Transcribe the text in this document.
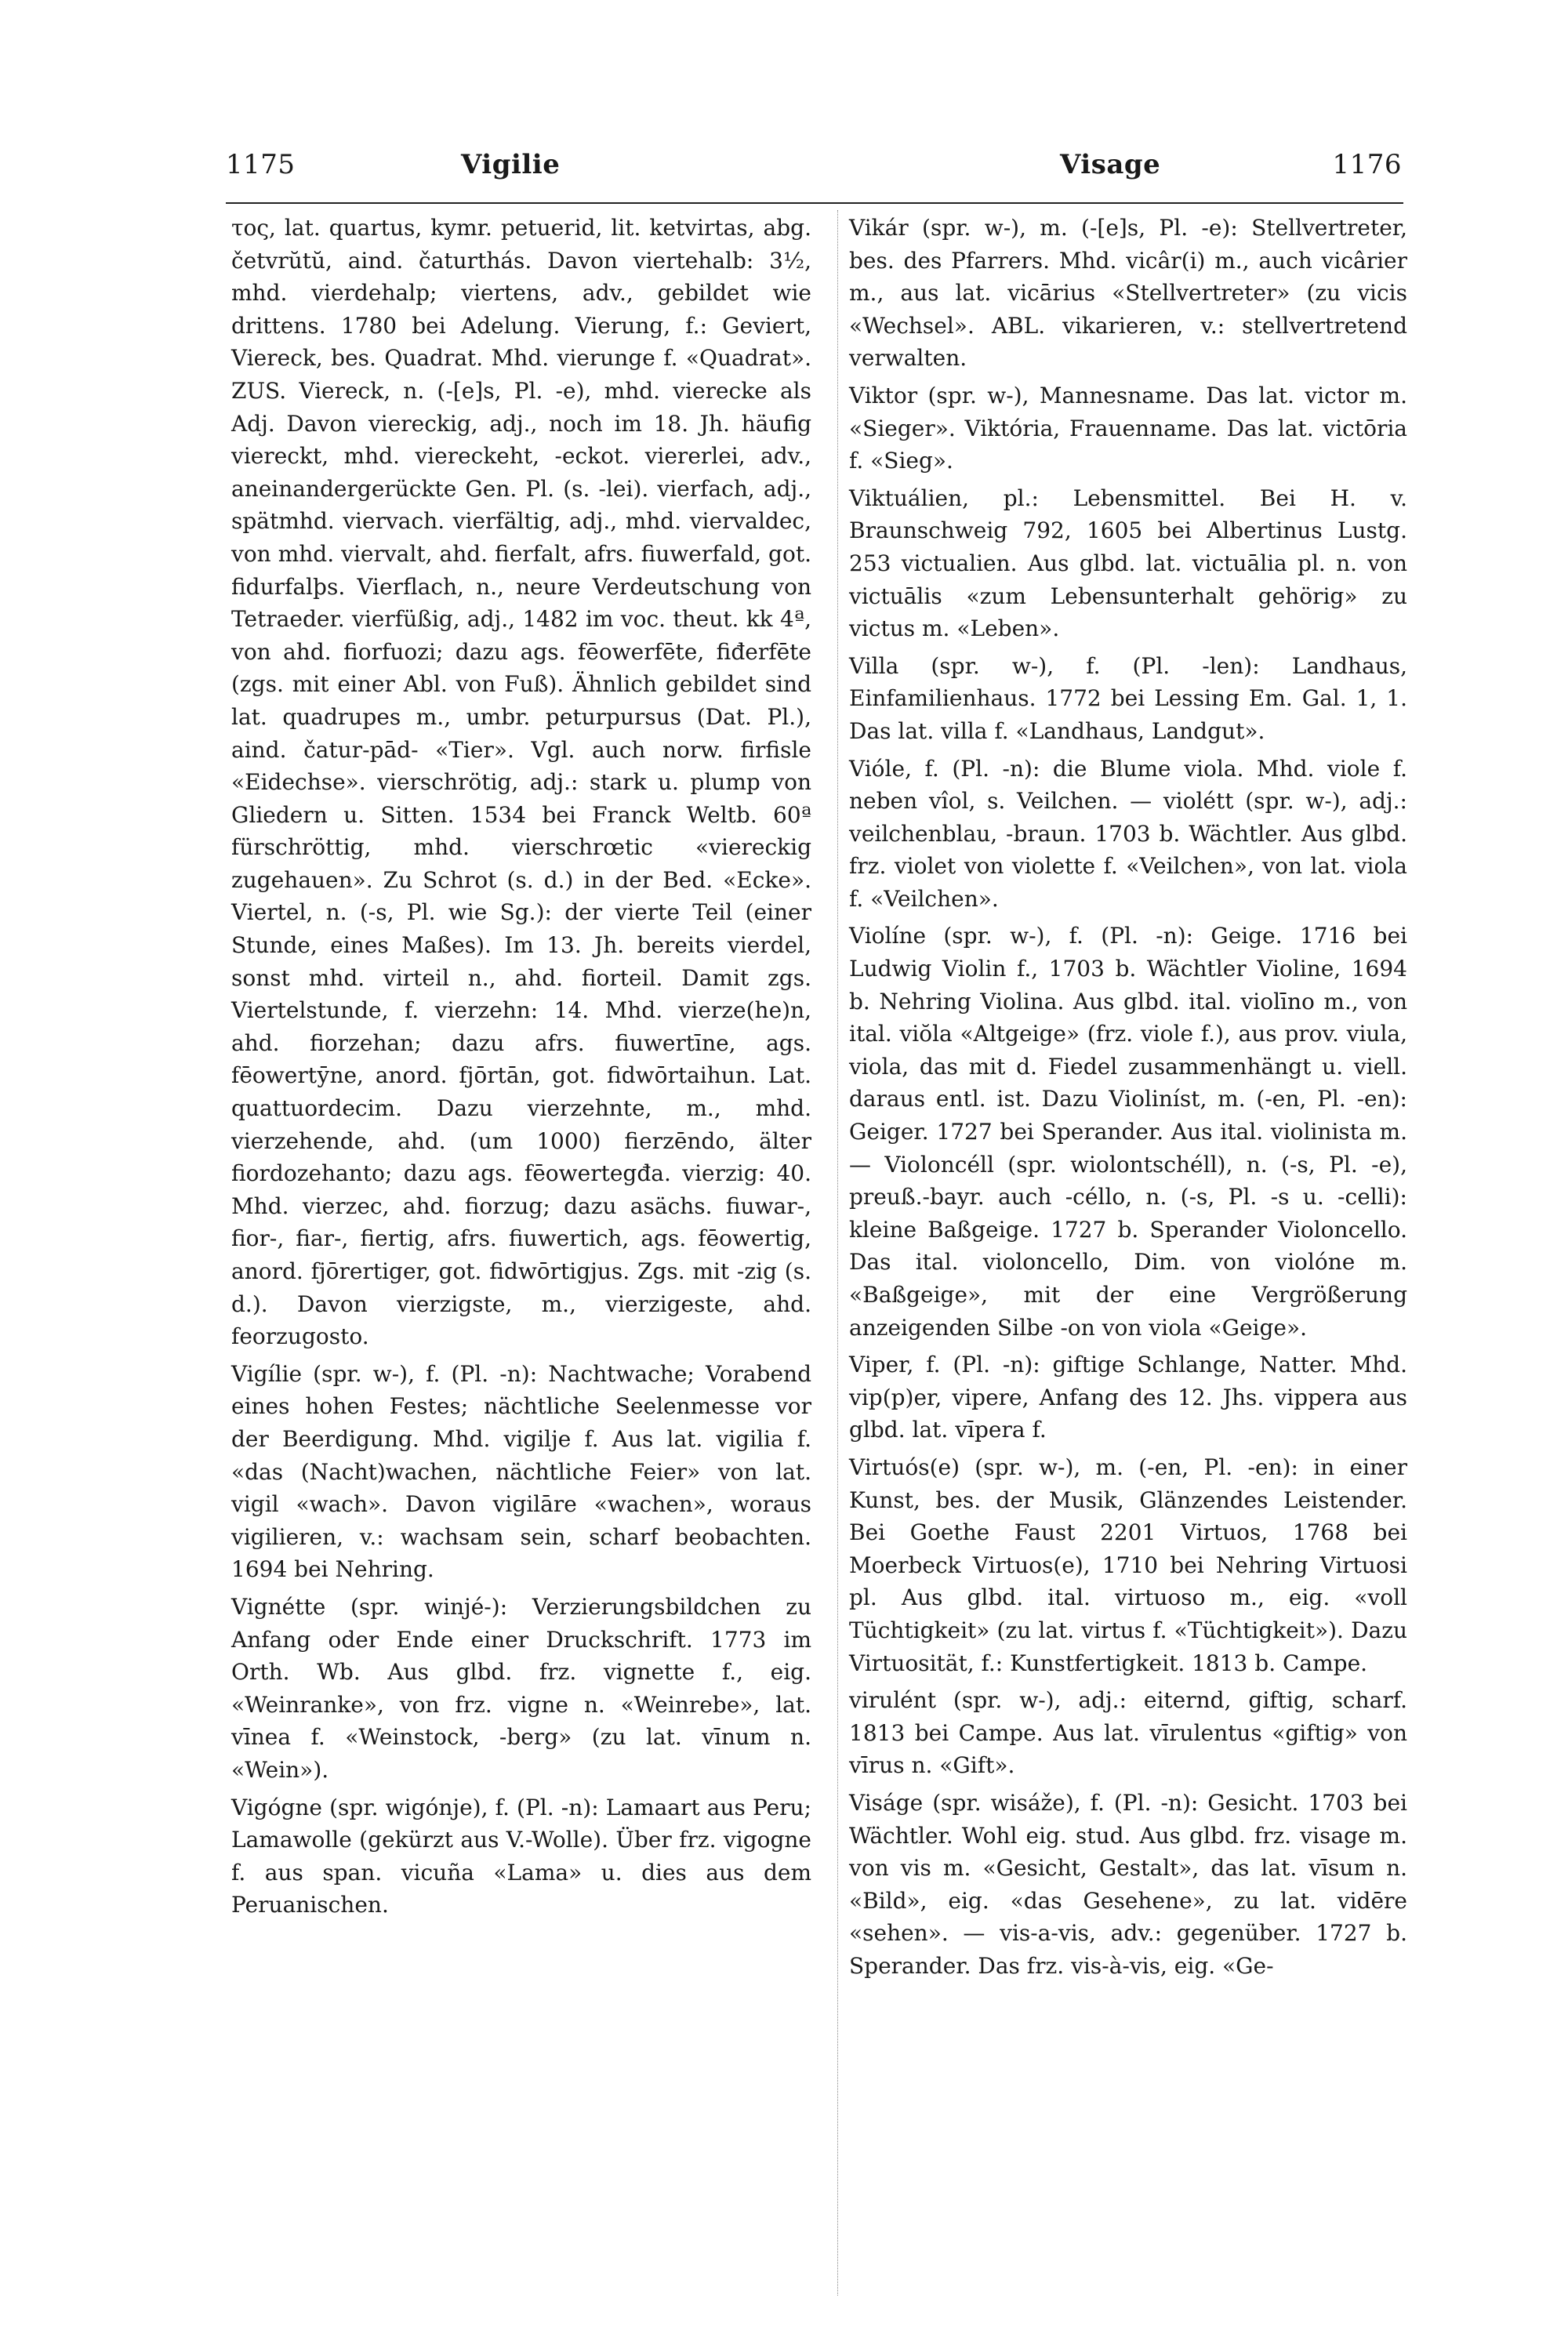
1175	Vigilie	Visage	1176

τος, lat. quartus, kymr. petuerid, lit. ketvirtas, abg. četvrŭtŭ, aind. čaturthás. Davon viertehalb: 3½, mhd. vierdehalp; viertens, adv., gebildet wie drittens. 1780 bei Adelung. Vierung, f.: Geviert, Viereck, bes. Quadrat. Mhd. vierunge f. «Quadrat». ZUS. Viereck, n. (-[e]s, Pl. -e), mhd. vierecke als Adj. Davon viereckig, adj., noch im 18. Jh. häufig viereckt, mhd. viereckeht, -eckot. viererlei, adv., aneinandergerückte Gen. Pl. (s. -lei). vierfach, adj., spätmhd. viervach. vierfältig, adj., mhd. viervaldec, von mhd. viervalt, ahd. fierfalt, afrs. fiuwerfald, got. fidurfalþs. Vierflach, n., neure Verdeutschung von Tetraeder. vierfüßig, adj., 1482 im voc. theut. kk 4ª, von ahd. fiorfuozi; dazu ags. fēowerfēte, fiđerfēte (zgs. mit einer Abl. von Fuß). Ähnlich gebildet sind lat. quadrupes m., umbr. peturpursus (Dat. Pl.), aind. čatur-pād- «Tier». Vgl. auch norw. firfisle «Eidechse». vierschrötig, adj.: stark u. plump von Gliedern u. Sitten. 1534 bei Franck Weltb. 60ª fürschröttig, mhd. vierschrœtic «viereckig zugehauen». Zu Schrot (s. d.) in der Bed. «Ecke». Viertel, n. (-s, Pl. wie Sg.): der vierte Teil (einer Stunde, eines Maßes). Im 13. Jh. bereits vierdel, sonst mhd. virteil n., ahd. fiorteil. Damit zgs. Viertelstunde, f. vierzehn: 14. Mhd. vierze(he)n, ahd. fiorzehan; dazu afrs. fiuwertīne, ags. fēowertӯne, anord. fjōrtān, got. fidwōrtaihun. Lat. quattuordecim. Dazu vierzehnte, m., mhd. vierzehende, ahd. (um 1000) fierzēndo, älter fiordozehanto; dazu ags. fēowertegđa. vierzig: 40. Mhd. vierzec, ahd. fiorzug; dazu asächs. fiuwar-, fior-, fiar-, fiertig, afrs. fiuwertich, ags. fēowertig, anord. fjōrertiger, got. fidwōrtigjus. Zgs. mit -zig (s. d.). Davon vierzigste, m., vierzigeste, ahd. feorzugosto.

Vigílie (spr. w-), f. (Pl. -n): Nachtwache; Vorabend eines hohen Festes; nächtliche Seelenmesse vor der Beerdigung. Mhd. vigilje f. Aus lat. vigilia f. «das (Nacht)wachen, nächtliche Feier» von lat. vigil «wach». Davon vigilāre «wachen», woraus vigilieren, v.: wachsam sein, scharf beobachten. 1694 bei Nehring.

Vignétte (spr. winjé-): Verzierungsbildchen zu Anfang oder Ende einer Druckschrift. 1773 im Orth. Wb. Aus glbd. frz. vignette f., eig. «Weinranke», von frz. vigne n. «Weinrebe», lat. vīnea f. «Weinstock, -berg» (zu lat. vīnum n. «Wein»).

Vigógne (spr. wigónje), f. (Pl. -n): Lamaart aus Peru; Lamawolle (gekürzt aus V.-Wolle). Über frz. vigogne f. aus span. vicuña «Lama» u. dies aus dem Peruanischen.

Vikár (spr. w-), m. (-[e]s, Pl. -e): Stellvertreter, bes. des Pfarrers. Mhd. vicâr(i) m., auch vicârier m., aus lat. vicārius «Stellvertreter» (zu vicis «Wechsel». ABL. vikarieren, v.: stellvertretend verwalten.

Viktor (spr. w-), Mannesname. Das lat. victor m. «Sieger». Viktória, Frauenname. Das lat. victōria f. «Sieg».

Viktuálien, pl.: Lebensmittel. Bei H. v. Braunschweig 792, 1605 bei Albertinus Lustg. 253 victualien. Aus glbd. lat. victuālia pl. n. von victuālis «zum Lebensunterhalt gehörig» zu victus m. «Leben».

Villa (spr. w-), f. (Pl. -len): Landhaus, Einfamilienhaus. 1772 bei Lessing Em. Gal. 1, 1. Das lat. villa f. «Landhaus, Landgut».

Vióle, f. (Pl. -n): die Blume viola. Mhd. viole f. neben vîol, s. Veilchen. — violétt (spr. w-), adj.: veilchenblau, -braun. 1703 b. Wächtler. Aus glbd. frz. violet von violette f. «Veilchen», von lat. viola f. «Veilchen».

Violíne (spr. w-), f. (Pl. -n): Geige. 1716 bei Ludwig Violin f., 1703 b. Wächtler Violine, 1694 b. Nehring Violina. Aus glbd. ital. violīno m., von ital. viŏla «Altgeige» (frz. viole f.), aus prov. viula, viola, das mit d. Fiedel zusammenhängt u. viell. daraus entl. ist. Dazu Violiníst, m. (-en, Pl. -en): Geiger. 1727 bei Sperander. Aus ital. violinista m. — Violoncéll (spr. wiolontschéll), n. (-s, Pl. -e), preuß.-bayr. auch -céllo, n. (-s, Pl. -s u. -celli): kleine Baßgeige. 1727 b. Sperander Violoncello. Das ital. violoncello, Dim. von violóne m. «Baßgeige», mit der eine Vergrößerung anzeigenden Silbe -on von viola «Geige».

Viper, f. (Pl. -n): giftige Schlange, Natter. Mhd. vip(p)er, vipere, Anfang des 12. Jhs. vippera aus glbd. lat. vīpera f.

Virtuós(e) (spr. w-), m. (-en, Pl. -en): in einer Kunst, bes. der Musik, Glänzendes Leistender. Bei Goethe Faust 2201 Virtuos, 1768 bei Moerbeck Virtuos(e), 1710 bei Nehring Virtuosi pl. Aus glbd. ital. virtuoso m., eig. «voll Tüchtigkeit» (zu lat. virtus f. «Tüchtigkeit»). Dazu Virtuosität, f.: Kunstfertigkeit. 1813 b. Campe.

virulént (spr. w-), adj.: eiternd, giftig, scharf. 1813 bei Campe. Aus lat. vīrulentus «giftig» von vīrus n. «Gift».

Viságe (spr. wisáže), f. (Pl. -n): Gesicht. 1703 bei Wächtler. Wohl eig. stud. Aus glbd. frz. visage m. von vis m. «Gesicht, Gestalt», das lat. vīsum n. «Bild», eig. «das Gesehene», zu lat. vidēre «sehen». — vis-a-vis, adv.: gegenüber. 1727 b. Sperander. Das frz. vis-à-vis, eig. «Ge-
